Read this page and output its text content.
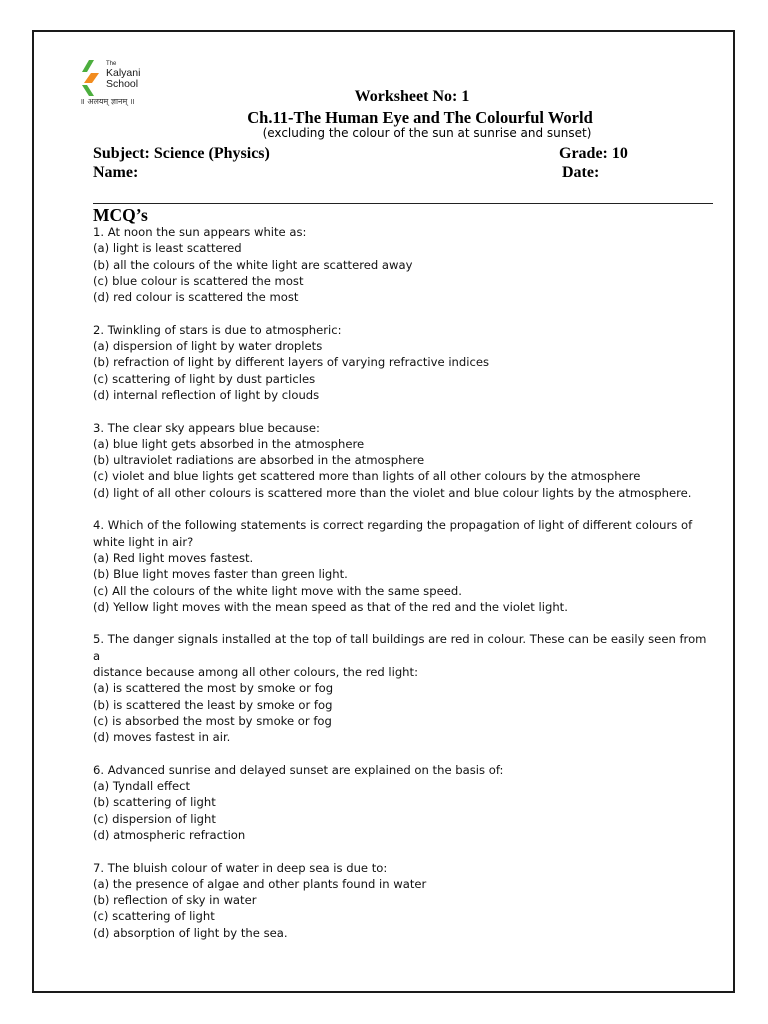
The
Kalyani
School
॥ अलयम् ज्ञानम् ॥	Worksheet No: 1
Ch.11-The Human Eye and The Colourful World
(excluding the colour of the sun at sunrise and sunset)
Subject: Science (Physics)	Grade: 10
Name:	Date:
MCQ’s
1. At noon the sun appears white as:
(a) light is least scattered
(b) all the colours of the white light are scattered away
(c) blue colour is scattered the most
(d) red colour is scattered the most
2. Twinkling of stars is due to atmospheric:
(a) dispersion of light by water droplets
(b) refraction of light by different layers of varying refractive indices
(c) scattering of light by dust particles
(d) internal reflection of light by clouds
3. The clear sky appears blue because:
(a) blue light gets absorbed in the atmosphere
(b) ultraviolet radiations are absorbed in the atmosphere
(c) violet and blue lights get scattered more than lights of all other colours by the atmosphere
(d) light of all other colours is scattered more than the violet and blue colour lights by the atmosphere.
4. Which of the following statements is correct regarding the propagation of light of different colours of
white light in air?
(a) Red light moves fastest.
(b) Blue light moves faster than green light.
(c) All the colours of the white light move with the same speed.
(d) Yellow light moves with the mean speed as that of the red and the violet light.
5. The danger signals installed at the top of tall buildings are red in colour. These can be easily seen from a
distance because among all other colours, the red light:
(a) is scattered the most by smoke or fog
(b) is scattered the least by smoke or fog
(c) is absorbed the most by smoke or fog
(d) moves fastest in air.
6. Advanced sunrise and delayed sunset are explained on the basis of:
(a) Tyndall effect
(b) scattering of light
(c) dispersion of light
(d) atmospheric refraction
7. The bluish colour of water in deep sea is due to:
(a) the presence of algae and other plants found in water
(b) reflection of sky in water
(c) scattering of light
(d) absorption of light by the sea.
